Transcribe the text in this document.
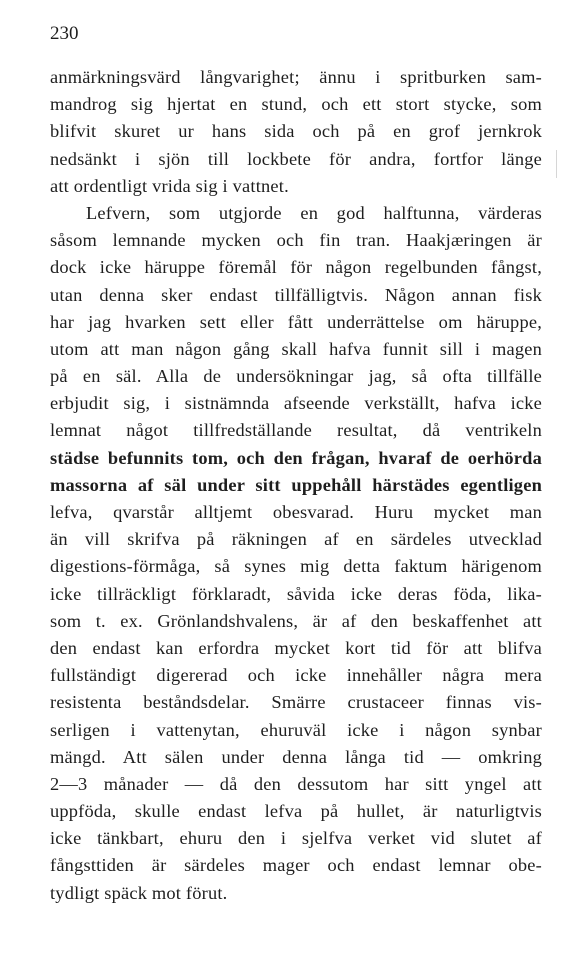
230
anmärkningsvärd långvarighet; ännu i spritburken sam-
mandrog sig hjertat en stund, och ett stort stycke, som
blifvit skuret ur hans sida och på en grof jernkrok
nedsänkt i sjön till lockbete för andra, fortfor länge
att ordentligt vrida sig i vattnet.
Lefvern, som utgjorde en god halftunna, värderas
såsom lemnande mycken och fin tran. Haakjæringen är
dock icke häruppe föremål för någon regelbunden fångst,
utan denna sker endast tillfälligtvis. Någon annan fisk
har jag hvarken sett eller fått underrättelse om häruppe,
utom att man någon gång skall hafva funnit sill i magen
på en säl. Alla de undersökningar jag, så ofta tillfälle
erbjudit sig, i sistnämnda afseende verkställt, hafva icke
lemnat något tillfredställande resultat, då ventrikeln
städse befunnits tom, och den frågan, hvaraf de oerhörda
massorna af säl under sitt uppehåll härstädes egentligen
lefva, qvarstår alltjemt obesvarad. Huru mycket man
än vill skrifva på räkningen af en särdeles utvecklad
digestions-förmåga, så synes mig detta faktum härigenom
icke tillräckligt förklaradt, såvida icke deras föda, lika-
som t. ex. Grönlandshvalens, är af den beskaffenhet att
den endast kan erfordra mycket kort tid för att blifva
fullständigt digererad och icke innehåller några mera
resistenta beståndsdelar. Smärre crustaceer finnas vis-
serligen i vattenytan, ehuruväl icke i någon synbar
mängd. Att sälen under denna långa tid — omkring
2—3 månader — då den dessutom har sitt yngel att
uppföda, skulle endast lefva på hullet, är naturligtvis
icke tänkbart, ehuru den i sjelfva verket vid slutet af
fångsttiden är särdeles mager och endast lemnar obe-
tydligt späck mot förut.
